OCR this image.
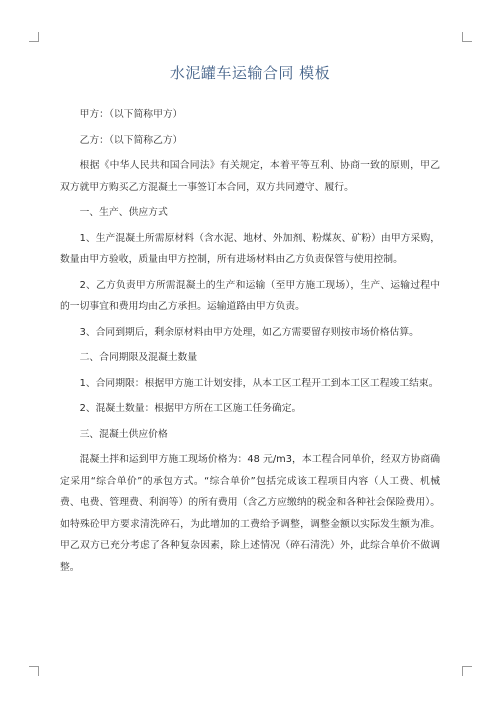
水泥罐车运输合同 模板

甲方：（以下简称甲方）

乙方：（以下简称乙方）

根据《中华人民共和国合同法》有关规定，本着平等互利、协商一致的原则，甲乙双方就甲方购买乙方混凝土一事签订本合同，双方共同遵守、履行。

一、生产、供应方式

1、生产混凝土所需原材料（含水泥、地材、外加剂、粉煤灰、矿粉）由甲方采购，数量由甲方验收，质量由甲方控制，所有进场材料由乙方负责保管与使用控制。

2、乙方负责甲方所需混凝土的生产和运输（至甲方施工现场），生产、运输过程中的一切事宜和费用均由乙方承担。运输道路由甲方负责。

3、合同到期后，剩余原材料由甲方处理，如乙方需要留存则按市场价格估算。

二、合同期限及混凝土数量

1、合同期限：根据甲方施工计划安排，从本工区工程开工到本工区工程竣工结束。

2、混凝土数量：根据甲方所在工区施工任务确定。

三、混凝土供应价格

混凝土拌和运到甲方施工现场价格为：48 元/m3，本工程合同单价，经双方协商确定采用“综合单价”的承包方式。“综合单价”包括完成该工程项目内容（人工费、机械费、电费、管理费、利润等）的所有费用（含乙方应缴纳的税金和各种社会保险费用）。如特殊砼甲方要求清洗碎石，为此增加的工费给予调整，调整金额以实际发生额为准。甲乙双方已充分考虑了各种复杂因素，除上述情况（碎石清洗）外，此综合单价不做调整。
